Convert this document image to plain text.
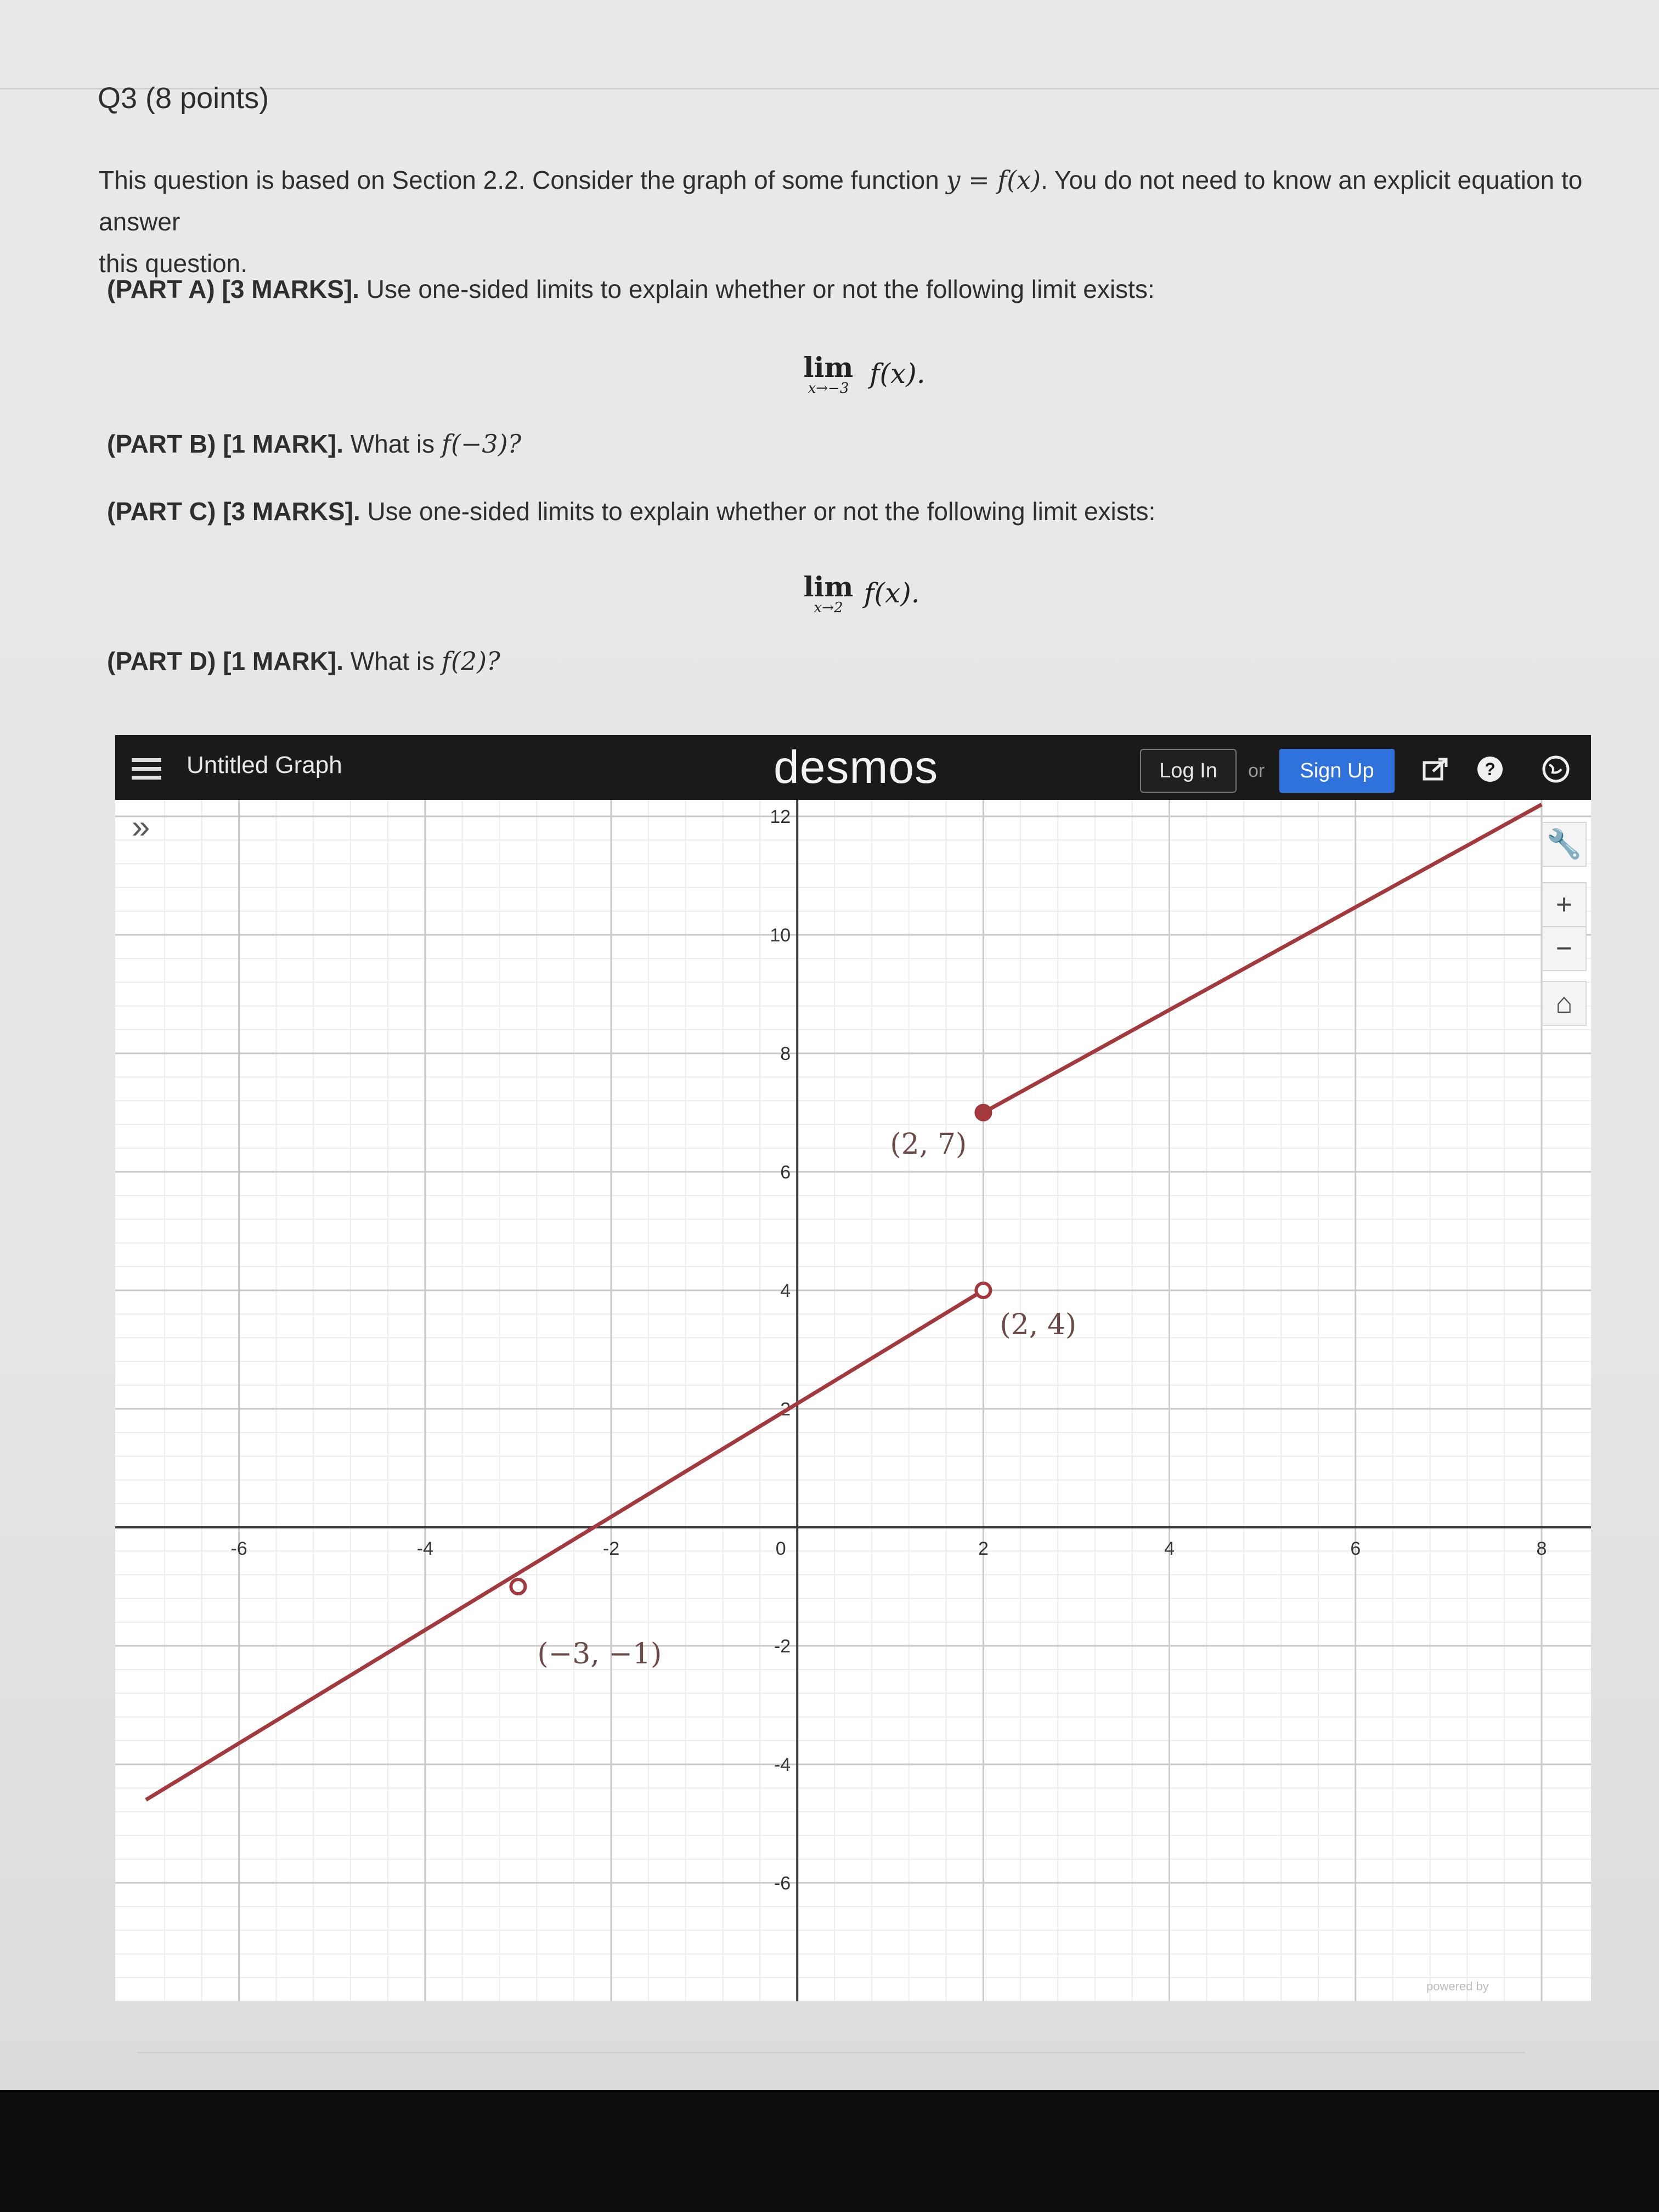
Q3 (8 points)
This question is based on Section 2.2. Consider the graph of some function y = f(x). You do not need to know an explicit equation to answer
this question.
(PART A) [3 MARKS]. Use one-sided limits to explain whether or not the following limit exists:
lim
x→−3 f(x).
(PART B) [1 MARK]. What is f(−3)?
(PART C) [3 MARKS]. Use one-sided limits to explain whether or not the following limit exists:
lim
x→2 f(x).
(PART D) [1 MARK]. What is f(2)?
Untitled Graph	desmos	Log In	or	Sign Up	?
-6	-4	-2	0	2	4	6	8
12
10
8
6
4
2
-2
-4
-6
(2, 7)
(2, 4)
(−3, −1)
»	🔧
+
−
⌂
powered by
